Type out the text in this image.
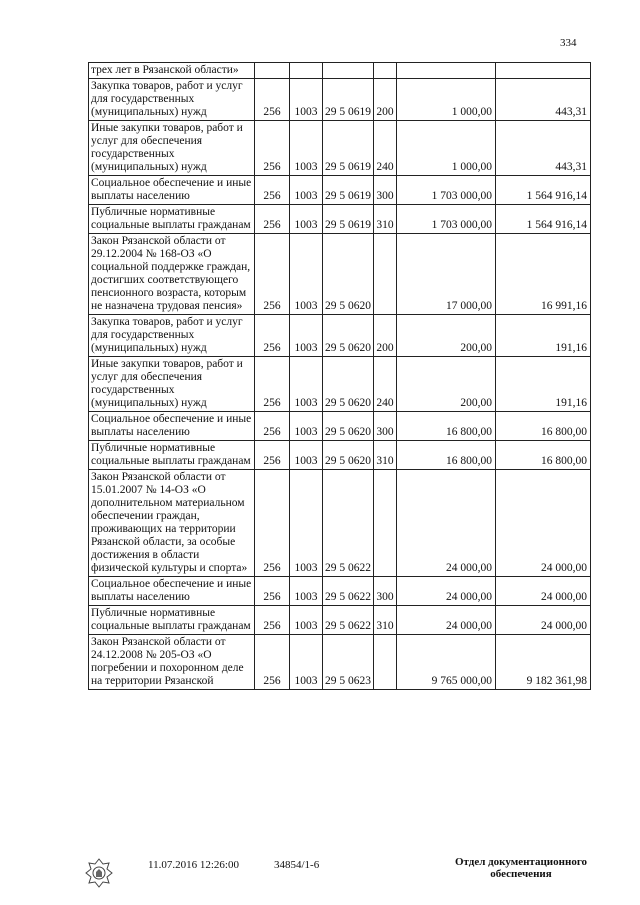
334
трех лет в Рязанской области»						
Закупка товаров, работ и услуг для государственных (муниципальных) нужд	256	1003	29 5 0619	200	1 000,00	443,31
Иные закупки товаров, работ и услуг для обеспечения государственных (муниципальных) нужд	256	1003	29 5 0619	240	1 000,00	443,31
Социальное обеспечение и иные выплаты населению	256	1003	29 5 0619	300	1 703 000,00	1 564 916,14
Публичные нормативные социальные выплаты гражданам	256	1003	29 5 0619	310	1 703 000,00	1 564 916,14
Закон Рязанской области от 29.12.2004 № 168-ОЗ «О социальной поддержке граждан, достигших соответствующего пенсионного возраста, которым не назначена трудовая пенсия»	256	1003	29 5 0620		17 000,00	16 991,16
Закупка товаров, работ и услуг для государственных (муниципальных) нужд	256	1003	29 5 0620	200	200,00	191,16
Иные закупки товаров, работ и услуг для обеспечения государственных (муниципальных) нужд	256	1003	29 5 0620	240	200,00	191,16
Социальное обеспечение и иные выплаты населению	256	1003	29 5 0620	300	16 800,00	16 800,00
Публичные нормативные социальные выплаты гражданам	256	1003	29 5 0620	310	16 800,00	16 800,00
Закон Рязанской области от 15.01.2007 № 14-ОЗ «О дополнительном материальном обеспечении граждан, проживающих на территории Рязанской области, за особые достижения в области физической культуры и спорта»	256	1003	29 5 0622		24 000,00	24 000,00
Социальное обеспечение и иные выплаты населению	256	1003	29 5 0622	300	24 000,00	24 000,00
Публичные нормативные социальные выплаты гражданам	256	1003	29 5 0622	310	24 000,00	24 000,00
Закон Рязанской области от 24.12.2008 № 205-ОЗ «О погребении и похоронном деле на территории Рязанской	256	1003	29 5 0623		9 765 000,00	9 182 361,98
11.07.2016 12:26:00	34854/1-6	Отдел документационного
обеспечения
